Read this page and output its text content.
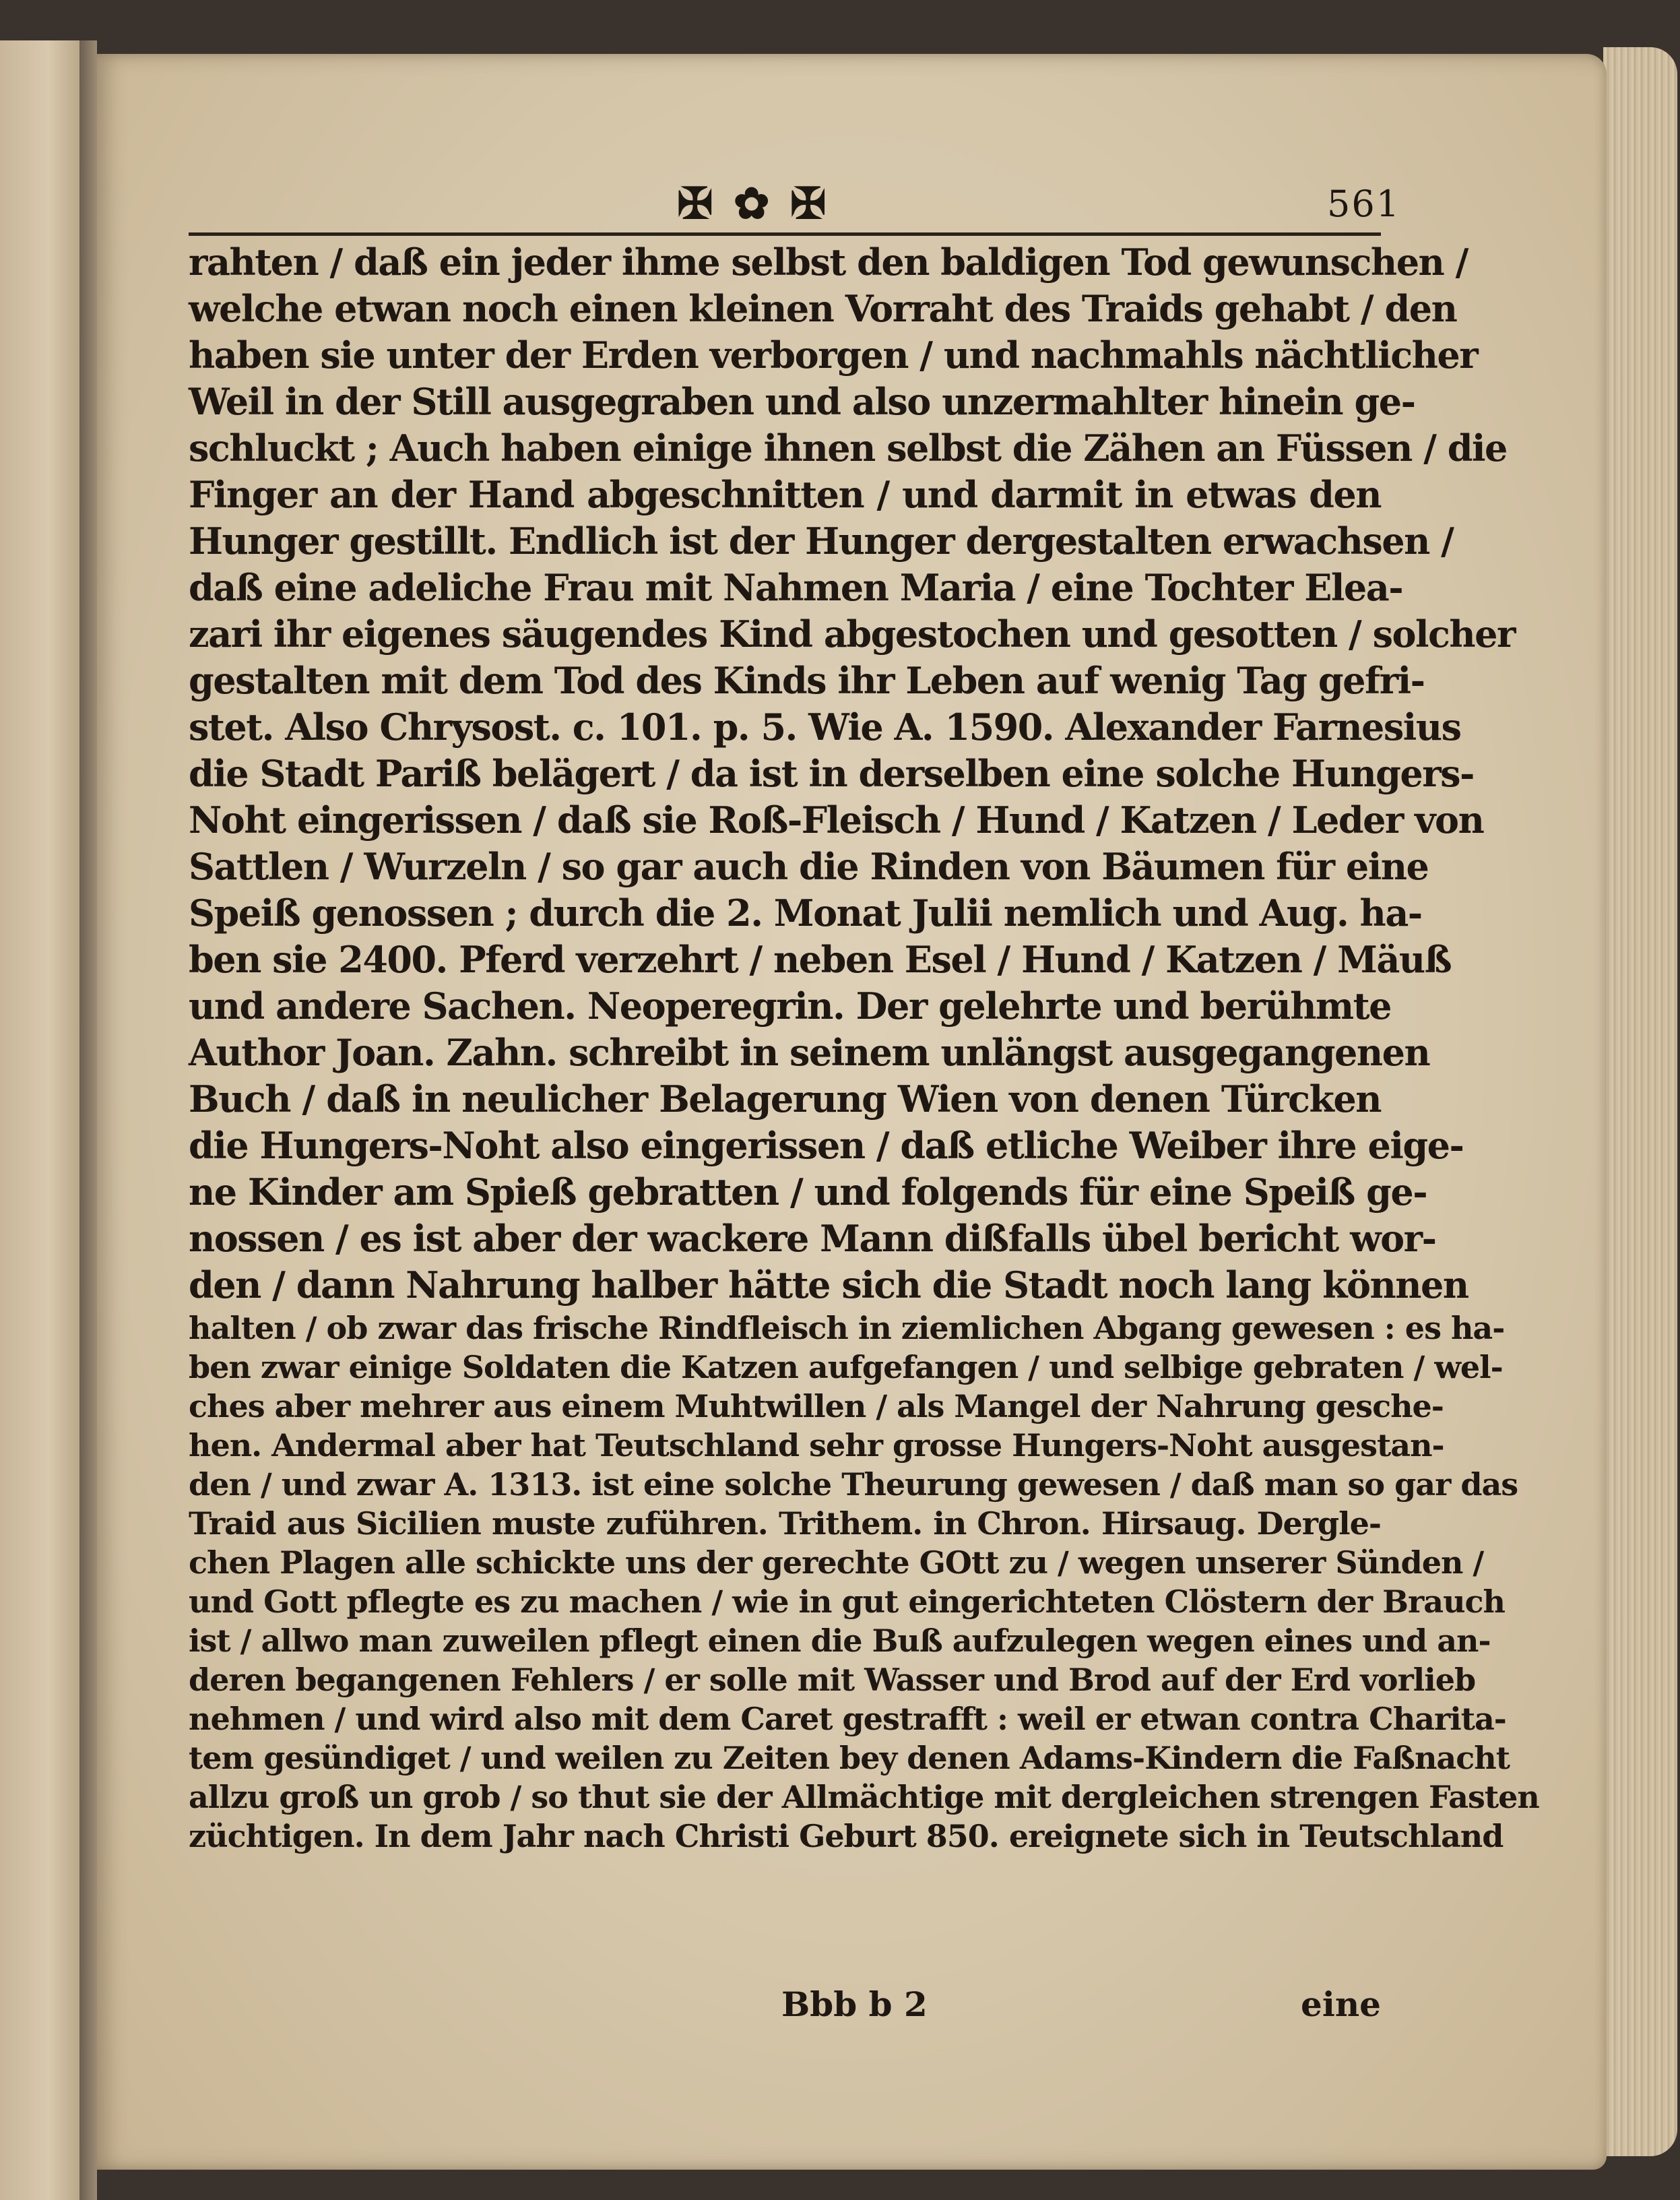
✠ ✿ ✠	561
rahten / daß ein jeder ihme selbst den baldigen Tod gewunschen /
welche etwan noch einen kleinen Vorraht des Traids gehabt / den
haben sie unter der Erden verborgen / und nachmahls nächtlicher
Weil in der Still ausgegraben und also unzermahlter hinein ge-
schluckt ; Auch haben einige ihnen selbst die Zähen an Füssen / die
Finger an der Hand abgeschnitten / und darmit in etwas den
Hunger gestillt. Endlich ist der Hunger dergestalten erwachsen /
daß eine adeliche Frau mit Nahmen Maria / eine Tochter Elea-
zari ihr eigenes säugendes Kind abgestochen und gesotten / solcher
gestalten mit dem Tod des Kinds ihr Leben auf wenig Tag gefri-
stet. Also Chrysost. c. 101. p. 5. Wie A. 1590. Alexander Farnesius
die Stadt Pariß belägert / da ist in derselben eine solche Hungers-
Noht eingerissen / daß sie Roß-Fleisch / Hund / Katzen / Leder von
Sattlen / Wurzeln / so gar auch die Rinden von Bäumen für eine
Speiß genossen ; durch die 2. Monat Julii nemlich und Aug. ha-
ben sie 2400. Pferd verzehrt / neben Esel / Hund / Katzen / Mäuß
und andere Sachen. Neoperegrin. Der gelehrte und berühmte
Author Joan. Zahn. schreibt in seinem unlängst ausgegangenen
Buch / daß in neulicher Belagerung Wien von denen Türcken
die Hungers-Noht also eingerissen / daß etliche Weiber ihre eige-
ne Kinder am Spieß gebratten / und folgends für eine Speiß ge-
nossen / es ist aber der wackere Mann dißfalls übel bericht wor-
den / dann Nahrung halber hätte sich die Stadt noch lang können
halten / ob zwar das frische Rindfleisch in ziemlichen Abgang gewesen : es ha-
ben zwar einige Soldaten die Katzen aufgefangen / und selbige gebraten / wel-
ches aber mehrer aus einem Muhtwillen / als Mangel der Nahrung gesche-
hen. Andermal aber hat Teutschland sehr grosse Hungers-Noht ausgestan-
den / und zwar A. 1313. ist eine solche Theurung gewesen / daß man so gar das
Traid aus Sicilien muste zuführen. Trithem. in Chron. Hirsaug. Dergle-
chen Plagen alle schickte uns der gerechte GOtt zu / wegen unserer Sünden /
und Gott pflegte es zu machen / wie in gut eingerichteten Clöstern der Brauch
ist / allwo man zuweilen pflegt einen die Buß aufzulegen wegen eines und an-
deren begangenen Fehlers / er solle mit Wasser und Brod auf der Erd vorlieb
nehmen / und wird also mit dem Caret gestrafft : weil er etwan contra Charita-
tem gesündiget / und weilen zu Zeiten bey denen Adams-Kindern die Faßnacht
allzu groß un grob / so thut sie der Allmächtige mit dergleichen strengen Fasten
züchtigen. In dem Jahr nach Christi Geburt 850. ereignete sich in Teutschland
Bbb b 2	eine
